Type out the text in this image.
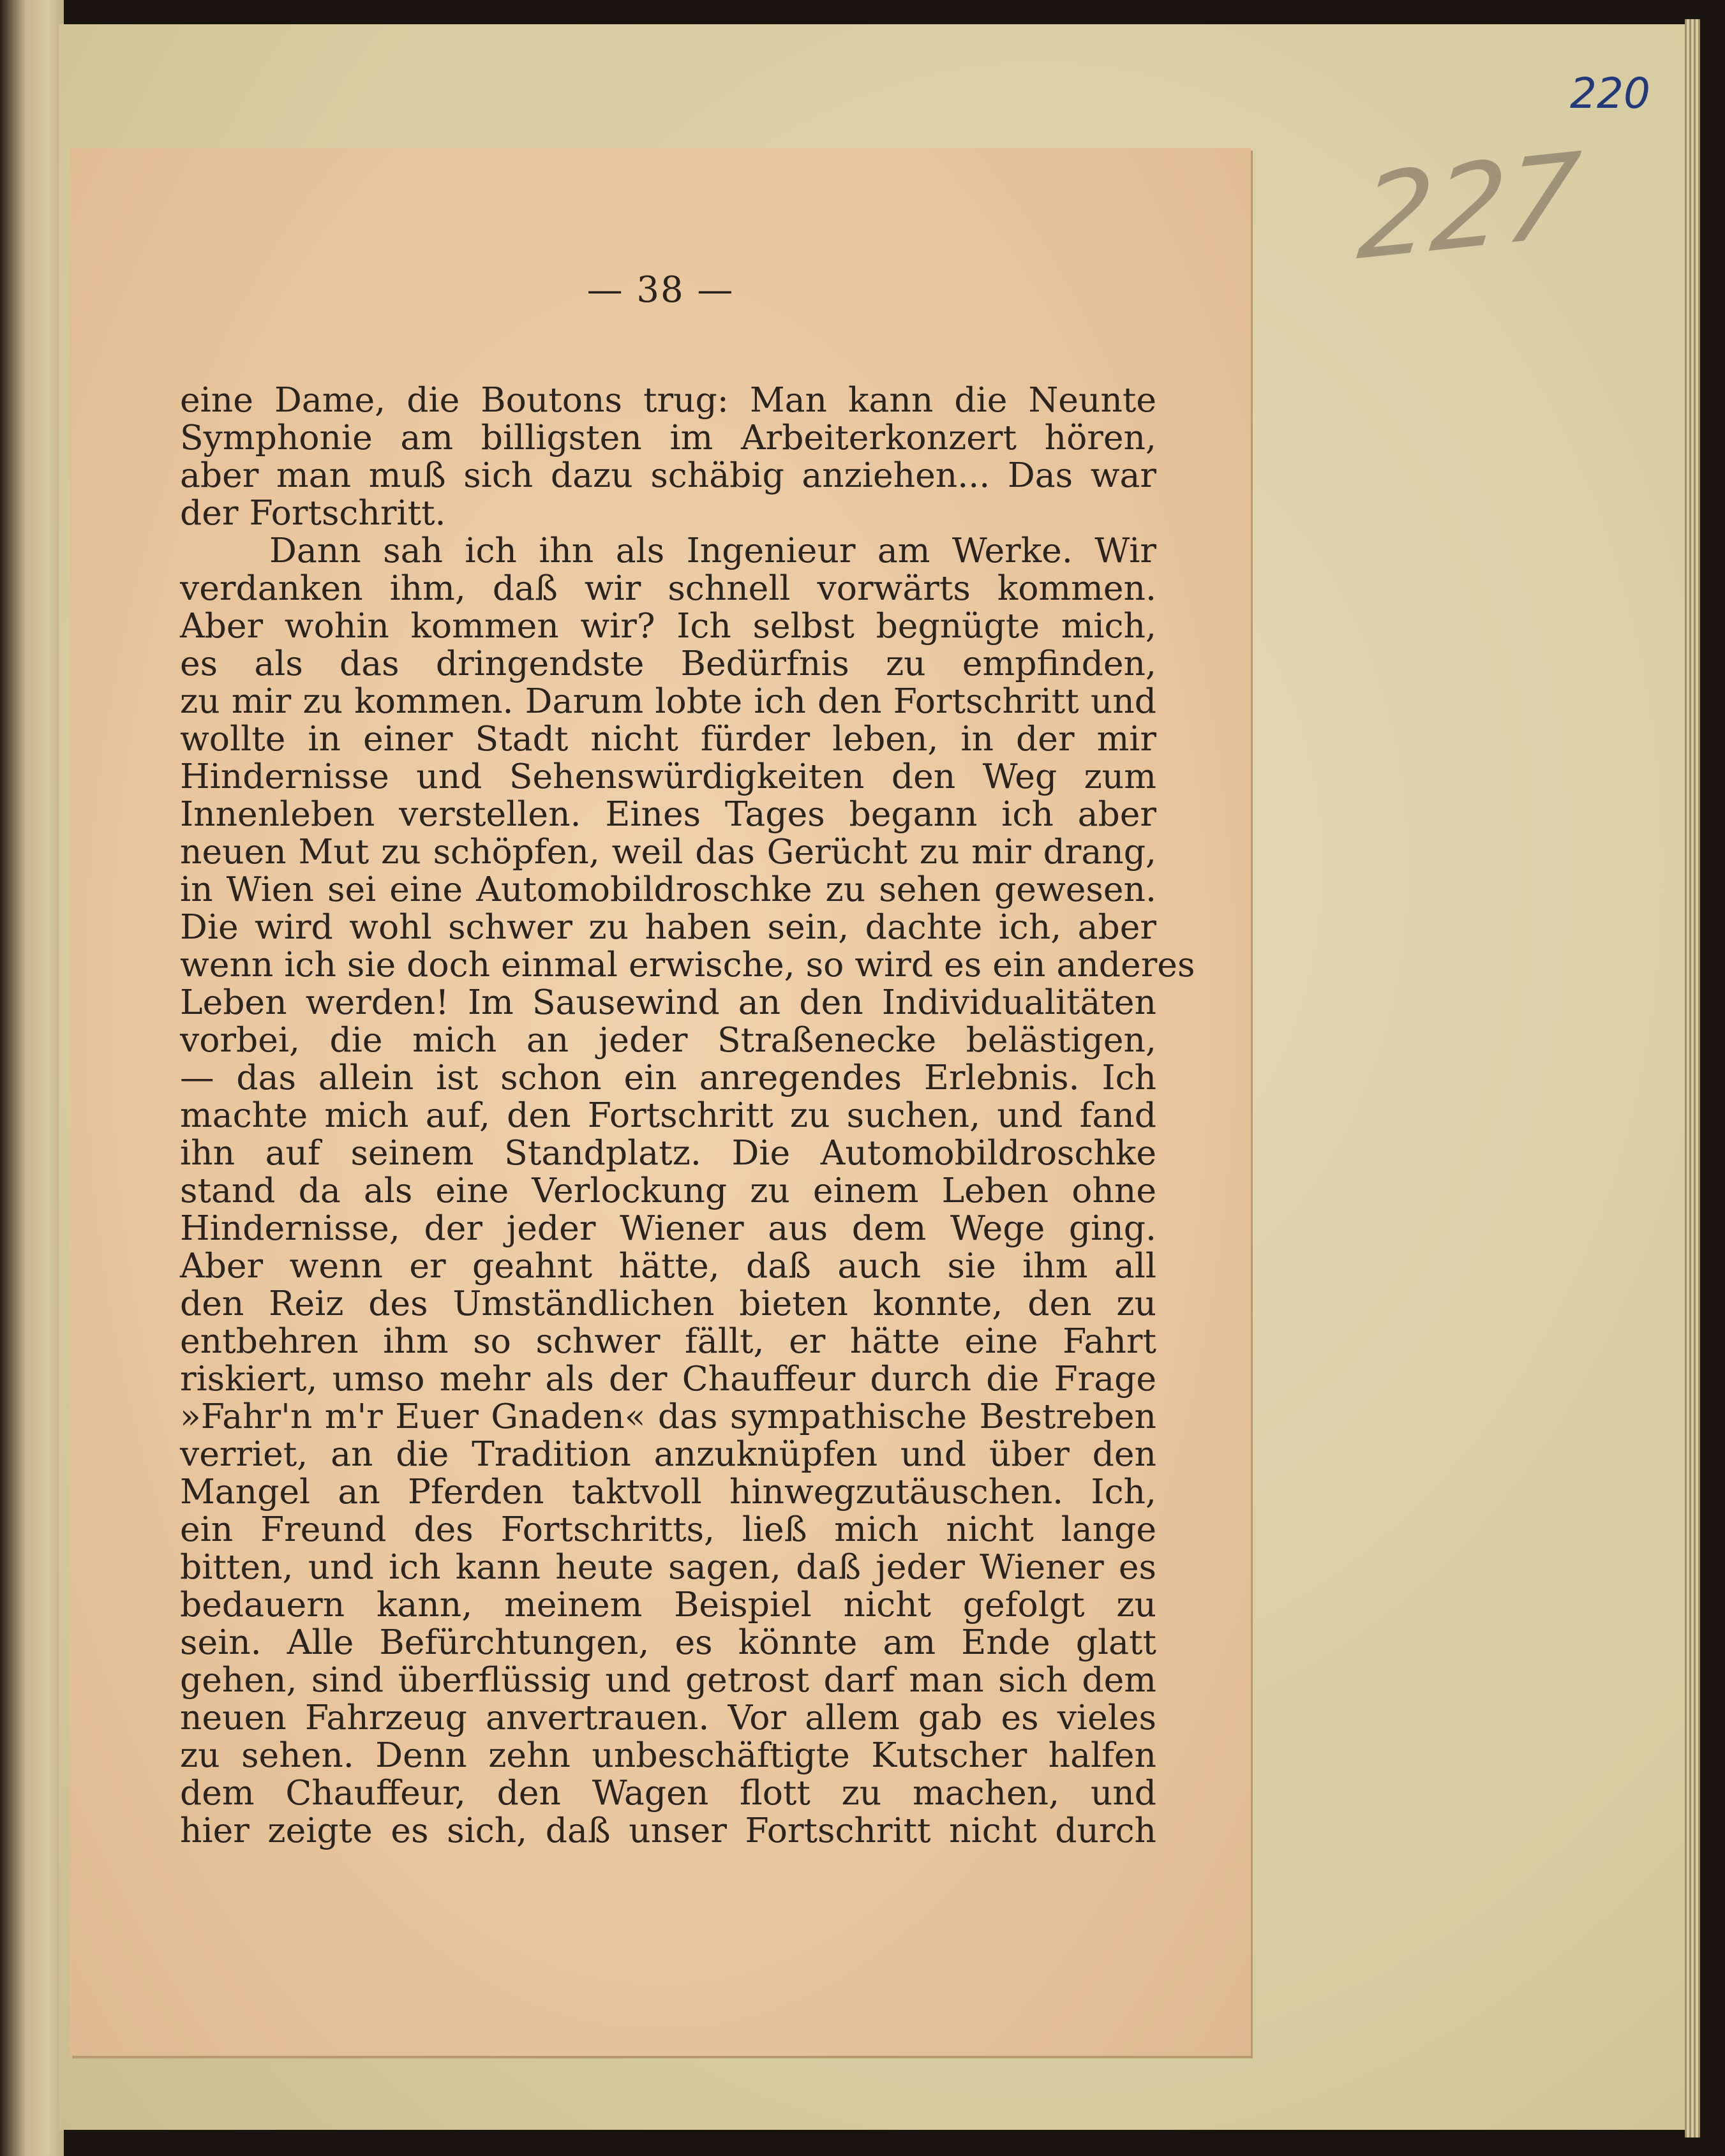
220
227
— 38 —
eine Dame, die Boutons trug: Man kann die Neunte
Symphonie am billigsten im Arbeiterkonzert hören,
aber man muß sich dazu schäbig anziehen... Das war
der Fortschritt.
Dann sah ich ihn als Ingenieur am Werke. Wir
verdanken ihm, daß wir schnell vorwärts kommen.
Aber wohin kommen wir? Ich selbst begnügte mich,
es als das dringendste Bedürfnis zu empfinden,
zu mir zu kommen. Darum lobte ich den Fortschritt und
wollte in einer Stadt nicht fürder leben, in der mir
Hindernisse und Sehenswürdigkeiten den Weg zum
Innenleben verstellen. Eines Tages begann ich aber
neuen Mut zu schöpfen, weil das Gerücht zu mir drang,
in Wien sei eine Automobildroschke zu sehen gewesen.
Die wird wohl schwer zu haben sein, dachte ich, aber
wenn ich sie doch einmal erwische, so wird es ein anderes
Leben werden! Im Sausewind an den Individualitäten
vorbei, die mich an jeder Straßenecke belästigen,
— das allein ist schon ein anregendes Erlebnis. Ich
machte mich auf, den Fortschritt zu suchen, und fand
ihn auf seinem Standplatz. Die Automobildroschke
stand da als eine Verlockung zu einem Leben ohne
Hindernisse, der jeder Wiener aus dem Wege ging.
Aber wenn er geahnt hätte, daß auch sie ihm all
den Reiz des Umständlichen bieten konnte, den zu
entbehren ihm so schwer fällt, er hätte eine Fahrt
riskiert, umso mehr als der Chauffeur durch die Frage
»Fahr'n m'r Euer Gnaden« das sympathische Bestreben
verriet, an die Tradition anzuknüpfen und über den
Mangel an Pferden taktvoll hinwegzutäuschen. Ich,
ein Freund des Fortschritts, ließ mich nicht lange
bitten, und ich kann heute sagen, daß jeder Wiener es
bedauern kann, meinem Beispiel nicht gefolgt zu
sein. Alle Befürchtungen, es könnte am Ende glatt
gehen, sind überflüssig und getrost darf man sich dem
neuen Fahrzeug anvertrauen. Vor allem gab es vieles
zu sehen. Denn zehn unbeschäftigte Kutscher halfen
dem Chauffeur, den Wagen flott zu machen, und
hier zeigte es sich, daß unser Fortschritt nicht durch
